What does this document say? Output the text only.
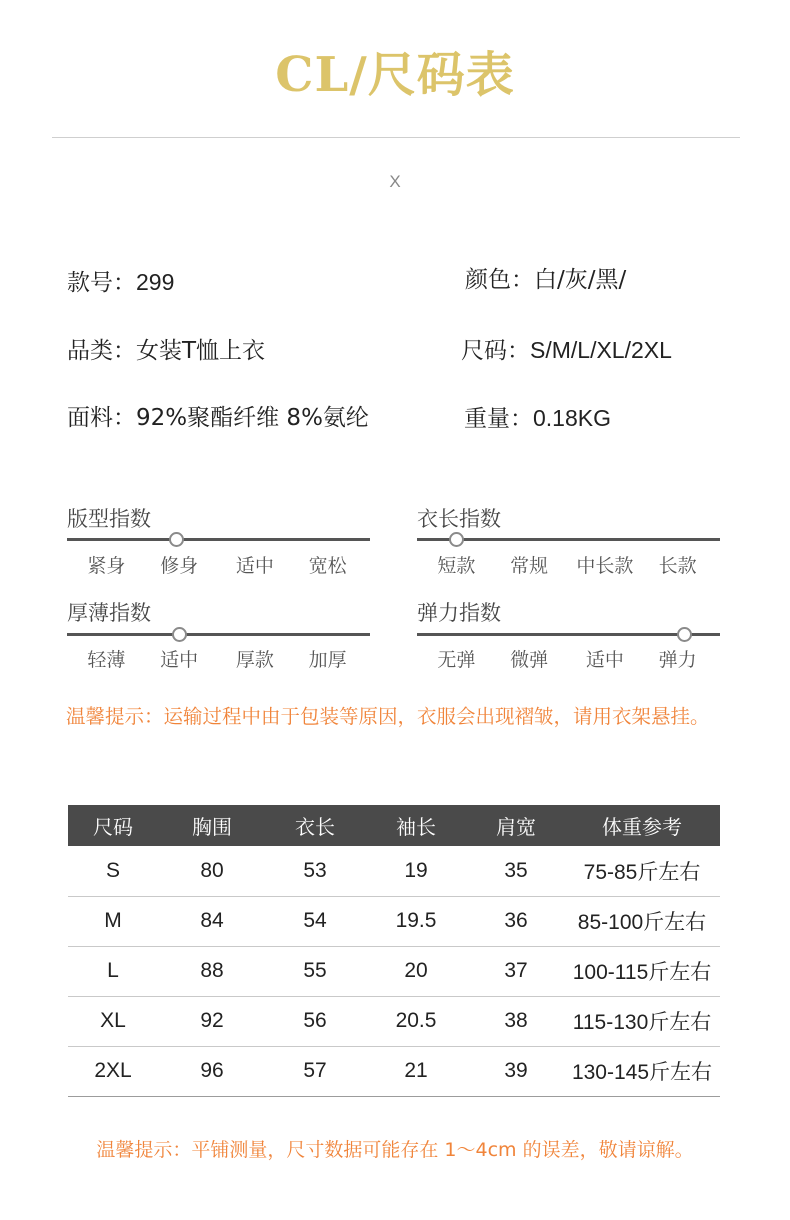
CL/尺码表
X
款号：299	颜色：白/灰/黑/
品类：女装T恤上衣	尺码：S/M/L/XL/2XL
面料：92%聚酯纤维 8%氨纶	重量：0.18KG
版型指数
紧身	修身	适中	宽松
衣长指数
短款	常规	中长款	长款
厚薄指数
轻薄	适中	厚款	加厚
弹力指数
无弹	微弹	适中	弹力
温馨提示：运输过程中由于包装等原因，衣服会出现褶皱，请用衣架悬挂。
尺码	胸围	衣长	袖长	肩宽	体重参考
S	80	53	19	35	75-85斤左右
M	84	54	19.5	36	85-100斤左右
L	88	55	20	37	100-115斤左右
XL	92	56	20.5	38	115-130斤左右
2XL	96	57	21	39	130-145斤左右
温馨提示：平铺测量，尺寸数据可能存在 1～4cm 的误差，敬请谅解。
